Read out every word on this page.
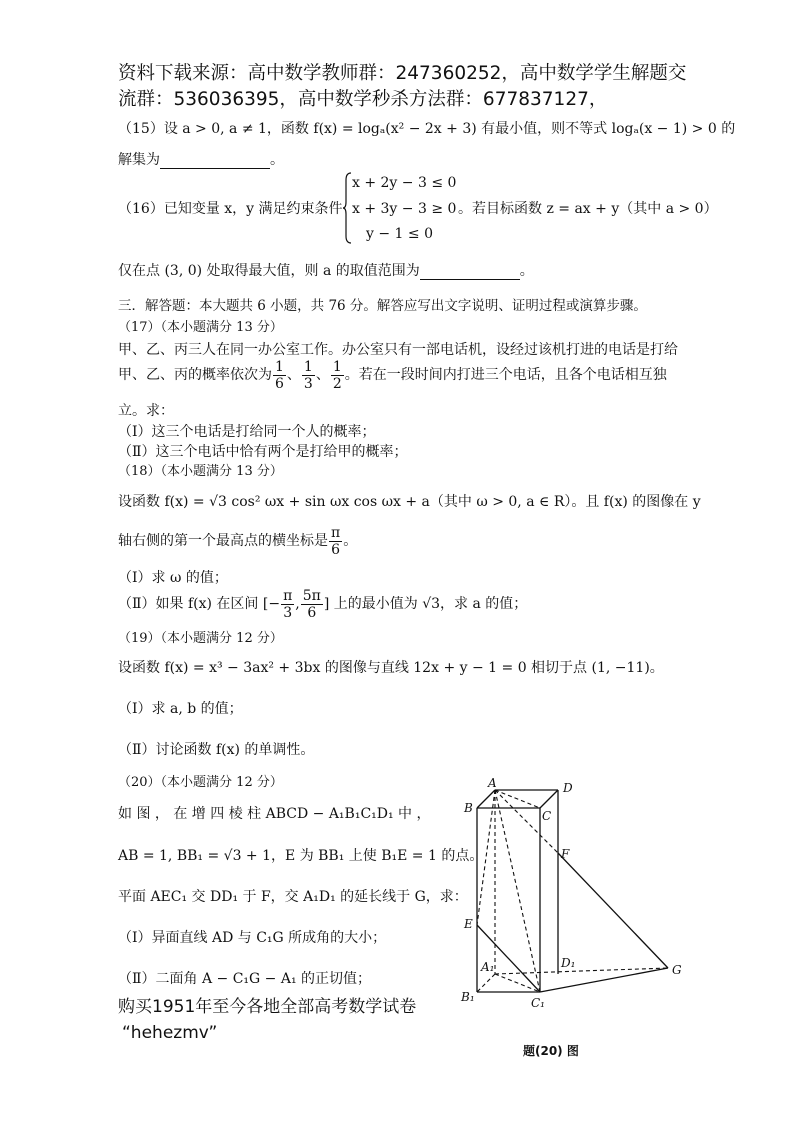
资料下载来源：高中数学教师群：247360252，高中数学学生解题交
流群：536036395，高中数学秒杀方法群：677837127，
（15）设 a > 0, a ≠ 1，函数 f(x) = logₐ(x² − 2x + 3) 有最小值，则不等式 logₐ(x − 1) > 0 的
解集为	。
（16）已知变量 x，y 满足约束条件
x + 2y − 3 ≤ 0
x + 3y − 3 ≥ 0
y − 1 ≤ 0
。若目标函数 z = ax + y（其中 a > 0）
仅在点 (3, 0) 处取得最大值，则 a 的取值范围为	。
三．解答题：本大题共 6 小题，共 76 分。解答应写出文字说明、证明过程或演算步骤。
（17）（本小题满分 13 分）
甲、乙、丙三人在同一办公室工作。办公室只有一部电话机，设经过该机打进的电话是打给
甲、乙、丙的概率依次为 $\frac{1}{6}$ 、 $\frac{1}{3}$ 、 $\frac{1}{2}$ 。若在一段时间内打进三个电话，且各个电话相互独
立。求：
（Ⅰ）这三个电话是打给同一个人的概率；
（Ⅱ）这三个电话中恰有两个是打给甲的概率；
（18）（本小题满分 13 分）
设函数 f(x) = √3 cos² ωx + sin ωx cos ωx + a（其中 ω > 0, a ∈ R）。且 f(x) 的图像在 y
轴右侧的第一个最高点的横坐标是 $\frac{\pi}{6}$ 。
（Ⅰ）求 ω 的值；
（Ⅱ）如果 f(x) 在区间 [− $\frac{\pi}{3}$ , $\frac{5\pi}{6}$ ] 上的最小值为 √3，求 a 的值；
（19）（本小题满分 12 分）
设函数 f(x) = x³ − 3ax² + 3bx 的图像与直线 12x + y − 1 = 0 相切于点 (1, −11)。
（Ⅰ）求 a, b 的值；
（Ⅱ）讨论函数 f(x) 的单调性。
（20）（本小题满分 12 分）
如 图 ， 在 增 四 棱 柱 ABCD − A₁B₁C₁D₁ 中 ，
AB = 1, BB₁ = √3 + 1，E 为 BB₁ 上使 B₁E = 1 的点。
平面 AEC₁ 交 DD₁ 于 F，交 A₁D₁ 的延长线于 G，求：
（Ⅰ）异面直线 AD 与 C₁G 所成角的大小；
（Ⅱ）二面角 A − C₁G − A₁ 的正切值；
A	D
B
C
F
E
A₁	D₁	G
B₁	C₁
题(20) 图
购买1951年至今各地全部高考数学试卷
“hehezmv”
